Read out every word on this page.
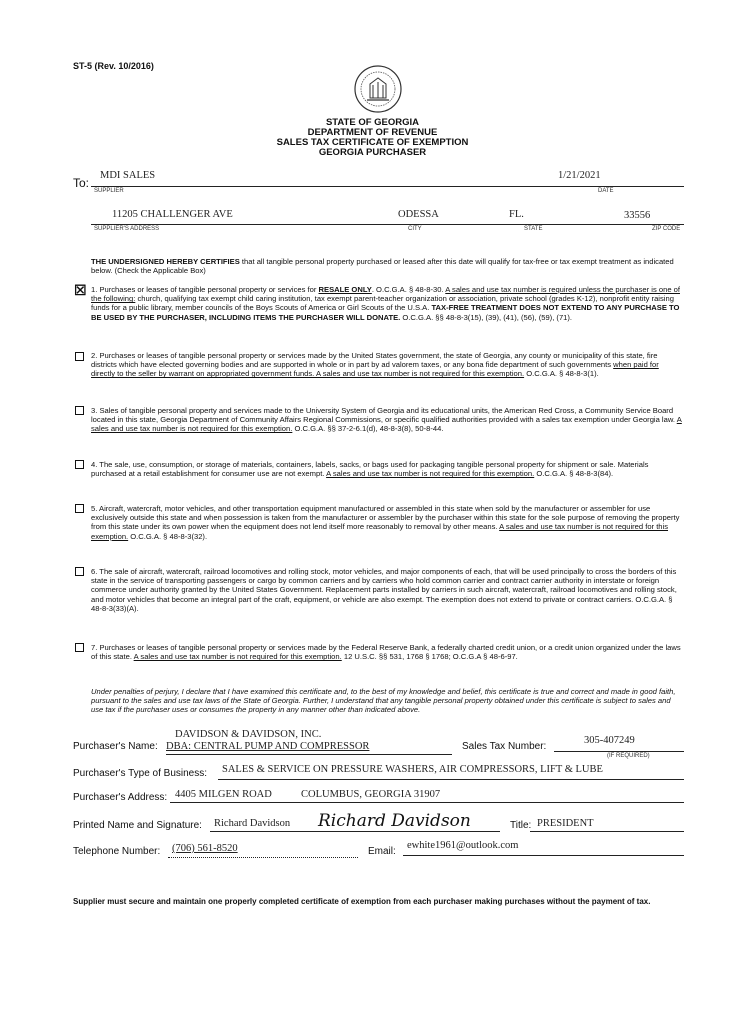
ST-5 (Rev. 10/2016)
STATE OF GEORGIA
DEPARTMENT OF REVENUE
SALES TAX CERTIFICATE OF EXEMPTION
GEORGIA PURCHASER
To:
MDI SALES	1/21/2021
SUPPLIER	DATE
11205 CHALLENGER AVE	ODESSA	FL.	33556
SUPPLIER'S ADDRESS	CITY	STATE	ZIP CODE
THE UNDERSIGNED HEREBY CERTIFIES that all tangible personal property purchased or leased after this date will qualify for tax-free or tax exempt treatment as indicated below. (Check the Applicable Box)
☒ 1. Purchases or leases of tangible personal property or services for RESALE ONLY. O.C.G.A. § 48-8-30. A sales and use tax number is required unless the purchaser is one of the following: church, qualifying tax exempt child caring institution, tax exempt parent-teacher organization or association, private school (grades K-12), nonprofit entity raising funds for a public library, member councils of the Boys Scouts of America or Girl Scouts of the U.S.A. TAX-FREE TREATMENT DOES NOT EXTEND TO ANY PURCHASE TO BE USED BY THE PURCHASER, INCLUDING ITEMS THE PURCHASER WILL DONATE. O.C.G.A. §§ 48-8-3(15), (39), (41), (56), (59), (71).
2. Purchases or leases of tangible personal property or services made by the United States government, the state of Georgia, any county or municipality of this state, fire districts which have elected governing bodies and are supported in whole or in part by ad valorem taxes, or any bona fide department of such governments when paid for directly to the seller by warrant on appropriated government funds. A sales and use tax number is not required for this exemption. O.C.G.A. § 48-8-3(1).
3. Sales of tangible personal property and services made to the University System of Georgia and its educational units, the American Red Cross, a Community Service Board located in this state, Georgia Department of Community Affairs Regional Commissions, or specific qualified authorities provided with a sales tax exemption under Georgia law. A sales and use tax number is not required for this exemption. O.C.G.A. §§ 37-2-6.1(d), 48-8-3(8), 50-8-44.
4. The sale, use, consumption, or storage of materials, containers, labels, sacks, or bags used for packaging tangible personal property for shipment or sale. Materials purchased at a retail establishment for consumer use are not exempt. A sales and use tax number is not required for this exemption. O.C.G.A. § 48-8-3(84).
5. Aircraft, watercraft, motor vehicles, and other transportation equipment manufactured or assembled in this state when sold by the manufacturer or assembler for use exclusively outside this state and when possession is taken from the manufacturer or assembler by the purchaser within this state for the sole purpose of removing the property from this state under its own power when the equipment does not lend itself more reasonably to removal by other means. A sales and use tax number is not required for this exemption. O.C.G.A. § 48-8-3(32).
6. The sale of aircraft, watercraft, railroad locomotives and rolling stock, motor vehicles, and major components of each, that will be used principally to cross the borders of this state in the service of transporting passengers or cargo by common carriers and by carriers who hold common carrier and contract carrier authority in interstate or foreign commerce under authority granted by the United States Government. Replacement parts installed by carriers in such aircraft, watercraft, railroad locomotives and rolling stock, and motor vehicles that become an integral part of the craft, equipment, or vehicle are also exempt. The exemption does not extend to private or contract carriers. O.C.G.A. § 48-8-3(33)(A).
7. Purchases or leases of tangible personal property or services made by the Federal Reserve Bank, a federally charted credit union, or a credit union organized under the laws of this state. A sales and use tax number is not required for this exemption. 12 U.S.C. §§ 531, 1768 § 1768; O.C.G.A § 48-6-97.
Under penalties of perjury, I declare that I have examined this certificate and, to the best of my knowledge and belief, this certificate is true and correct and made in good faith, pursuant to the sales and use tax laws of the State of Georgia. Further, I understand that any tangible personal property obtained under this certificate is subject to sales and use tax if the purchaser uses or consumes the property in any manner other than indicated above.
DAVIDSON & DAVIDSON, INC.
Purchaser's Name: DBA: CENTRAL PUMP AND COMPRESSOR	Sales Tax Number:
305-407249
(IF REQUIRED)
Purchaser's Type of Business: SALES & SERVICE ON PRESSURE WASHERS, AIR COMPRESSORS, LIFT & LUBE
Purchaser's Address: 4405 MILGEN ROAD	COLUMBUS, GEORGIA 31907
Printed Name and Signature: Richard Davidson Richard Davidson	Title: PRESIDENT
Telephone Number: (706) 561-8520	Email:
ewhite1961@outlook.com
Supplier must secure and maintain one properly completed certificate of exemption from each purchaser making purchases without the payment of tax.
